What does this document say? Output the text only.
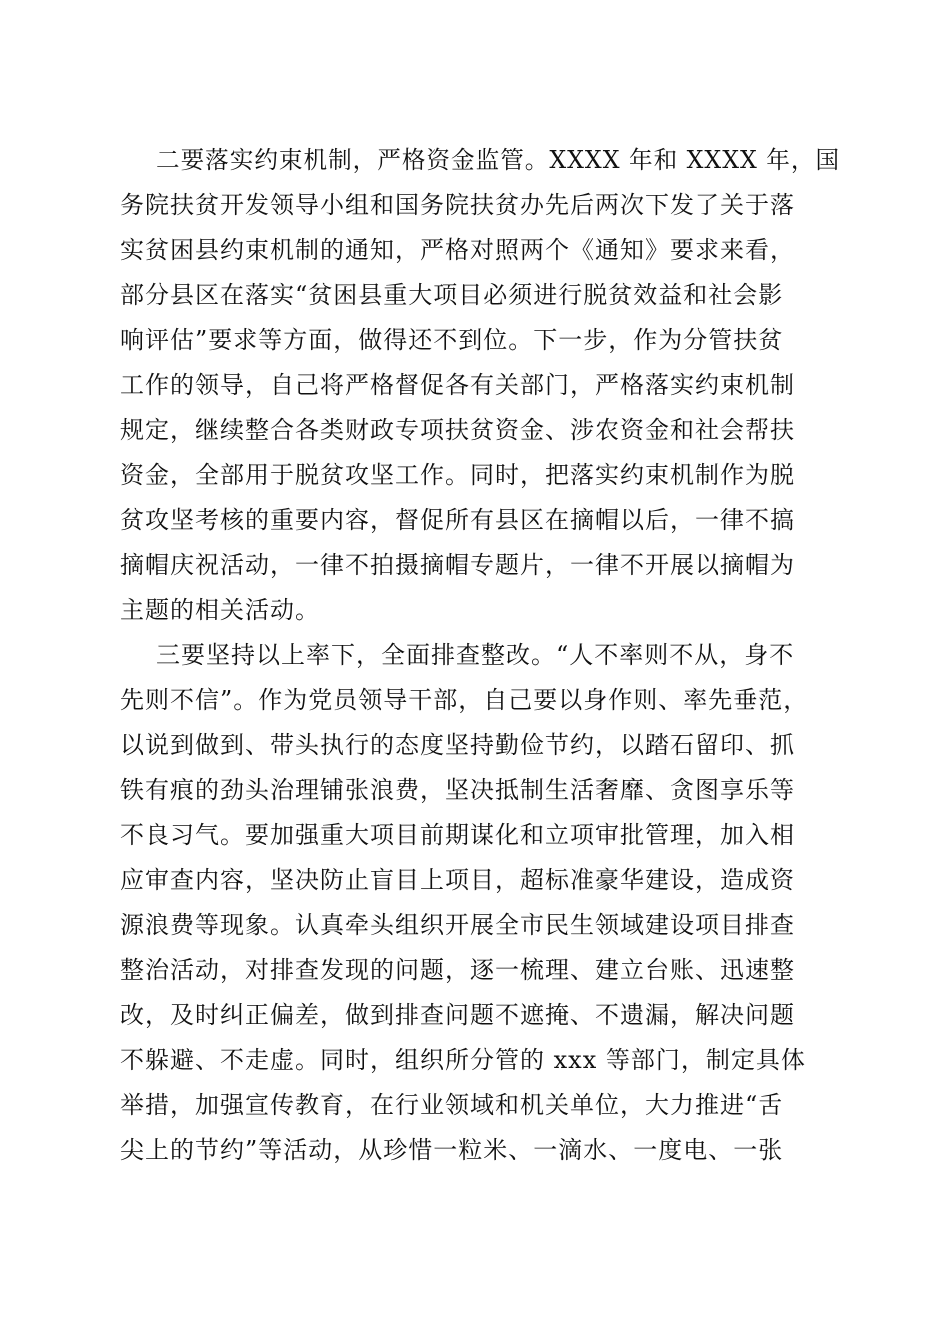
二要落实约束机制，严格资金监管。XXXX 年和 XXXX 年，国
务院扶贫开发领导小组和国务院扶贫办先后两次下发了关于落
实贫困县约束机制的通知，严格对照两个《通知》要求来看，
部分县区在落实“贫困县重大项目必须进行脱贫效益和社会影
响评估”要求等方面，做得还不到位。下一步，作为分管扶贫
工作的领导，自己将严格督促各有关部门，严格落实约束机制
规定，继续整合各类财政专项扶贫资金、涉农资金和社会帮扶
资金，全部用于脱贫攻坚工作。同时，把落实约束机制作为脱
贫攻坚考核的重要内容，督促所有县区在摘帽以后，一律不搞
摘帽庆祝活动，一律不拍摄摘帽专题片，一律不开展以摘帽为
主题的相关活动。
三要坚持以上率下，全面排查整改。“人不率则不从，身不
先则不信”。作为党员领导干部，自己要以身作则、率先垂范，
以说到做到、带头执行的态度坚持勤俭节约，以踏石留印、抓
铁有痕的劲头治理铺张浪费，坚决抵制生活奢靡、贪图享乐等
不良习气。要加强重大项目前期谋化和立项审批管理，加入相
应审查内容，坚决防止盲目上项目，超标准豪华建设，造成资
源浪费等现象。认真牵头组织开展全市民生领域建设项目排查
整治活动，对排查发现的问题，逐一梳理、建立台账、迅速整
改，及时纠正偏差，做到排查问题不遮掩、不遗漏，解决问题
不躲避、不走虚。同时，组织所分管的 xxx 等部门，制定具体
举措，加强宣传教育，在行业领域和机关单位，大力推进“舌
尖上的节约”等活动，从珍惜一粒米、一滴水、一度电、一张
